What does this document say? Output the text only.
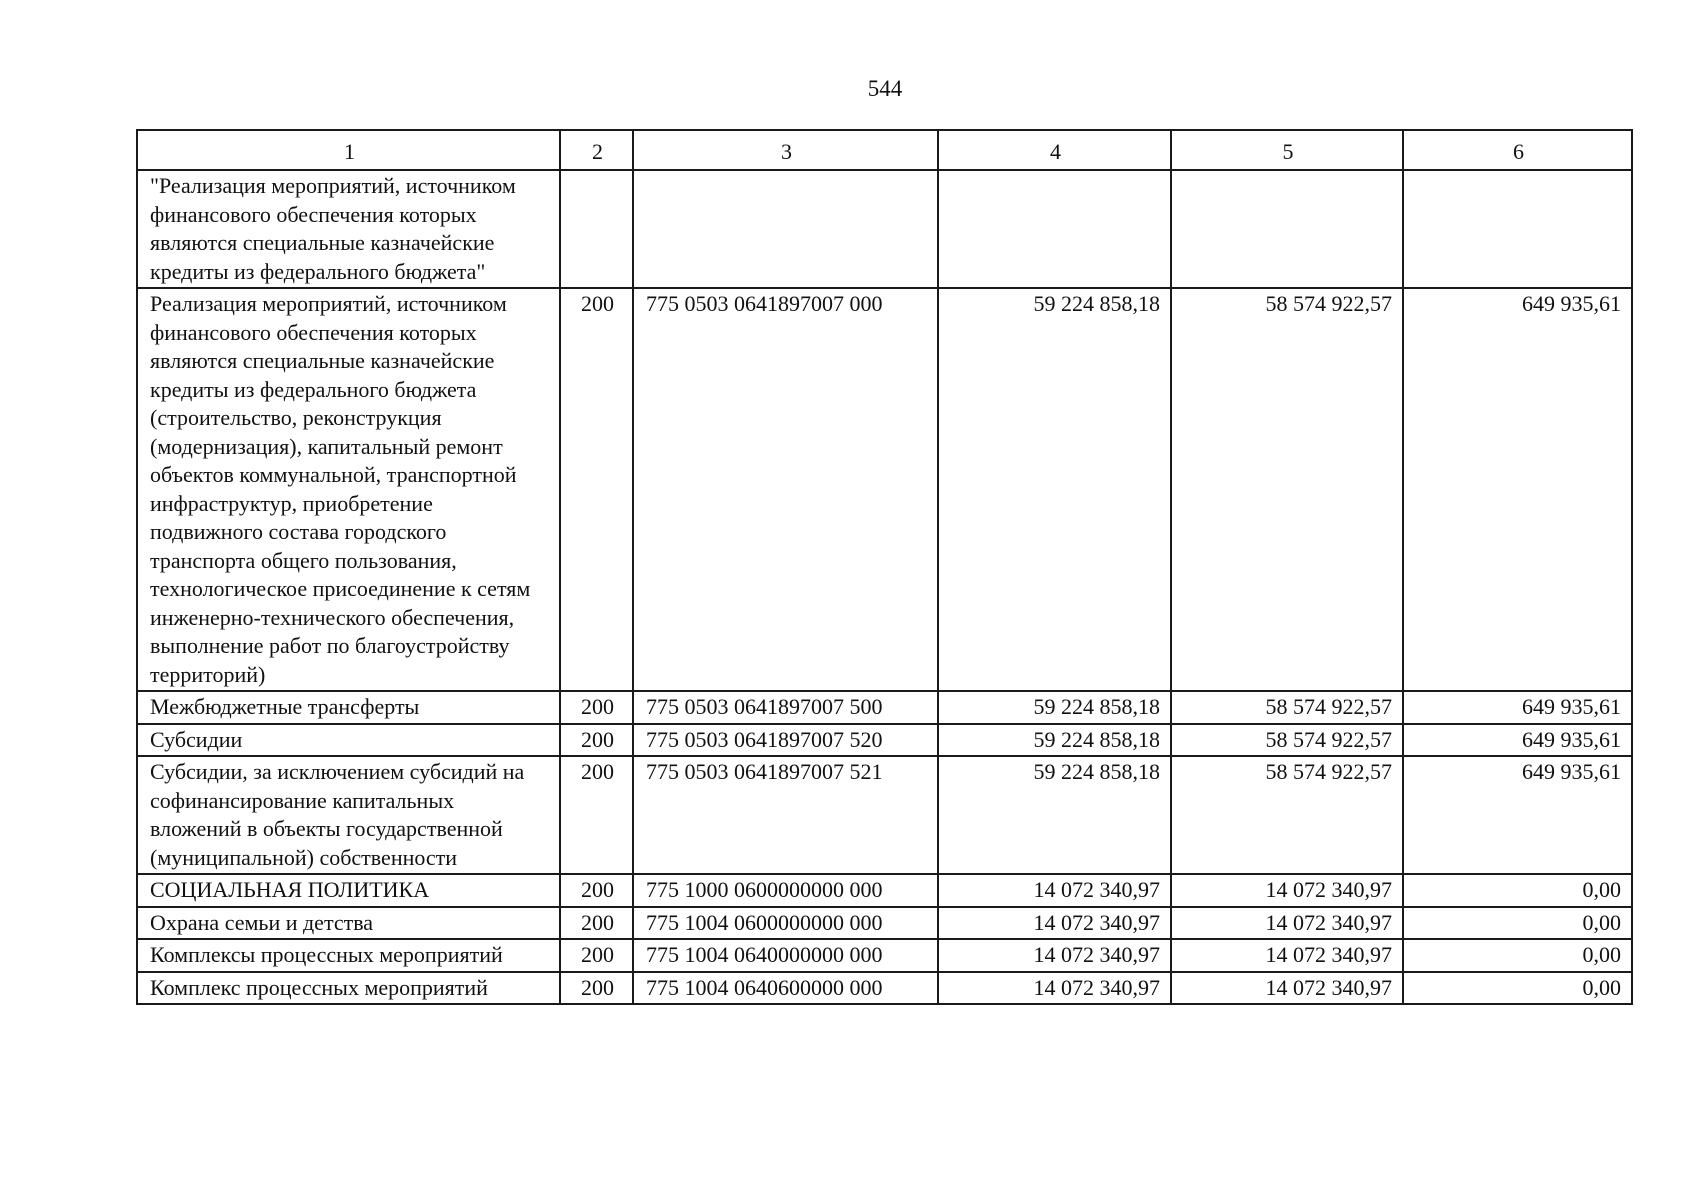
544
1	2	3	4	5	6
"Реализация мероприятий, источником финансового обеспечения которых являются специальные казначейские кредиты из федерального бюджета"					
Реализация мероприятий, источником финансового обеспечения которых являются специальные казначейские кредиты из федерального бюджета (строительство, реконструкция (модернизация), капитальный ремонт объектов коммунальной, транспортной инфраструктур, приобретение подвижного состава городского транспорта общего пользования, технологическое присоединение к сетям инженерно-технического обеспечения, выполнение работ по благоустройству территорий)	200	775 0503 0641897007 000	59 224 858,18	58 574 922,57	649 935,61
Межбюджетные трансферты	200	775 0503 0641897007 500	59 224 858,18	58 574 922,57	649 935,61
Субсидии	200	775 0503 0641897007 520	59 224 858,18	58 574 922,57	649 935,61
Субсидии, за исключением субсидий на софинансирование капитальных вложений в объекты государственной (муниципальной) собственности	200	775 0503 0641897007 521	59 224 858,18	58 574 922,57	649 935,61
СОЦИАЛЬНАЯ ПОЛИТИКА	200	775 1000 0600000000 000	14 072 340,97	14 072 340,97	0,00
Охрана семьи и детства	200	775 1004 0600000000 000	14 072 340,97	14 072 340,97	0,00
Комплексы процессных мероприятий	200	775 1004 0640000000 000	14 072 340,97	14 072 340,97	0,00
Комплекс процессных мероприятий	200	775 1004 0640600000 000	14 072 340,97	14 072 340,97	0,00
